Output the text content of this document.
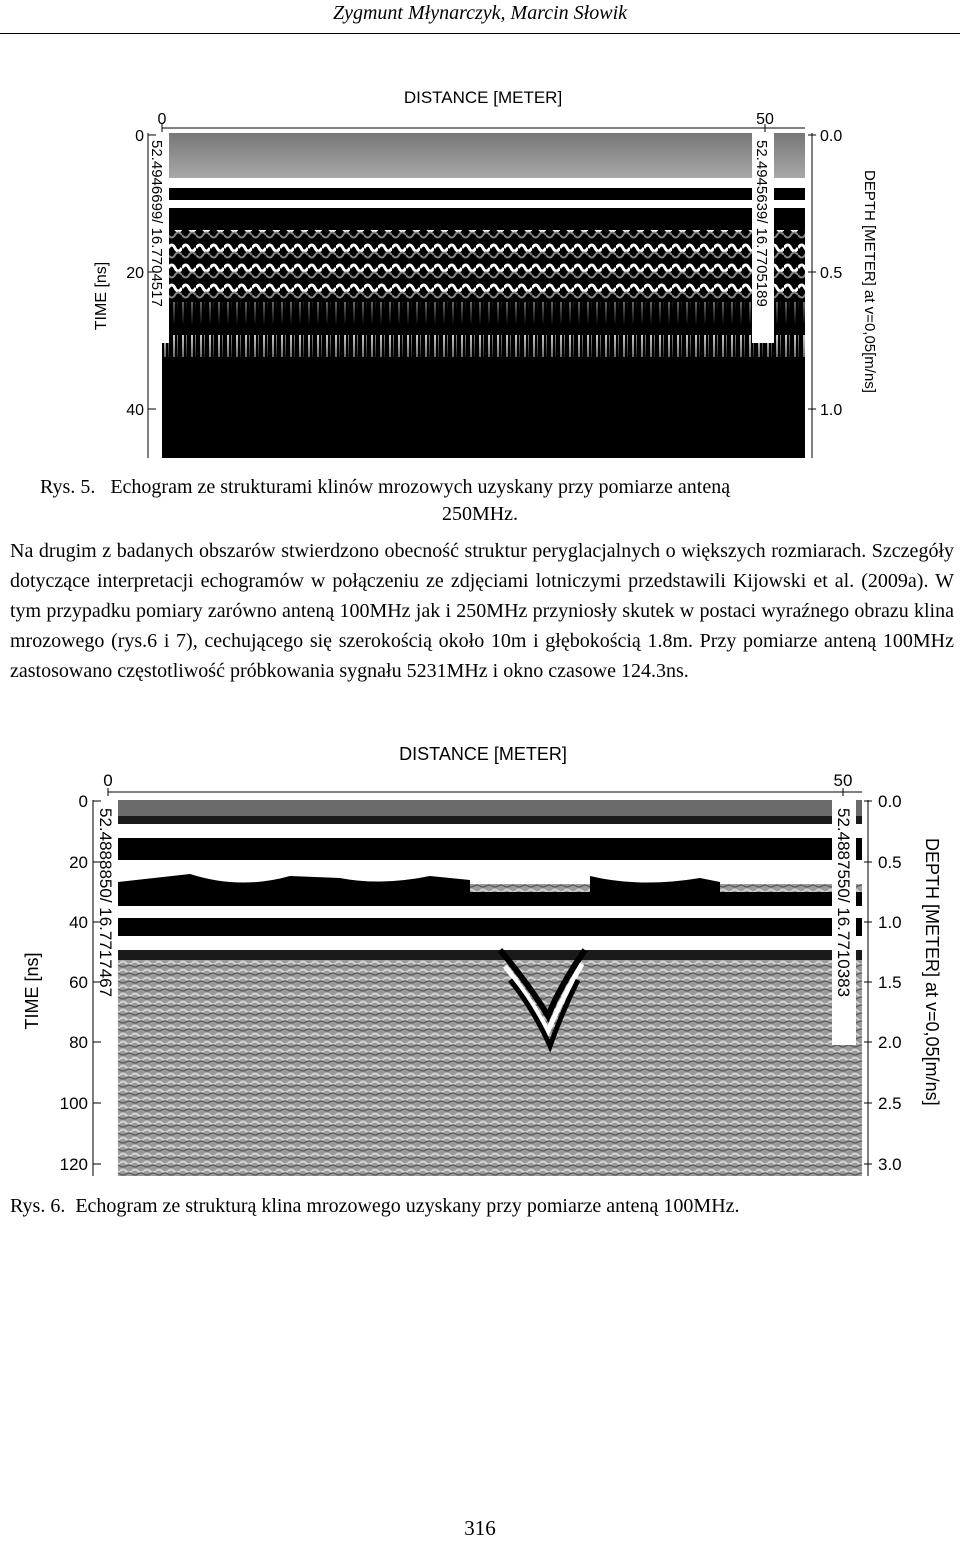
Zygmunt Młynarczyk, Marcin Słowik
DISTANCE [METER]
0	50
52.4946699/ 16.7704517	52.4945639/ 16.7705189
TIME [ns]
0
20
40
0.0
0.5
1.0
DEPTH [METER] at v=0,05[m/ns]
Rys. 5. Echogram ze strukturami klinów mrozowych uzyskany przy pomiarze anteną
250MHz.
Na drugim z badanych obszarów stwierdzono obecność struktur peryglacjalnych o większych rozmiarach. Szczegóły dotyczące interpretacji echogramów w połączeniu ze zdjęciami lotniczymi przedstawili Kijowski et al. (2009a). W tym przypadku pomiary zarówno anteną 100MHz jak i 250MHz przyniosły skutek w postaci wyraźnego obrazu klina mrozowego (rys.6 i 7), cechującego się szerokością około 10m i głębokością 1.8m. Przy pomiarze anteną 100MHz zastosowano częstotliwość próbkowania sygnału 5231MHz i okno czasowe 124.3ns.
DISTANCE [METER]
0	50
52.4888850/ 16.7717467	52.4887550/ 16.7710383
TIME [ns]
0
20
40
60
80
100
120
0.0
0.5
1.0
1.5
2.0
2.5
3.0
DEPTH [METER] at v=0,05[m/ns]
Rys. 6. Echogram ze strukturą klina mrozowego uzyskany przy pomiarze anteną 100MHz.
316
